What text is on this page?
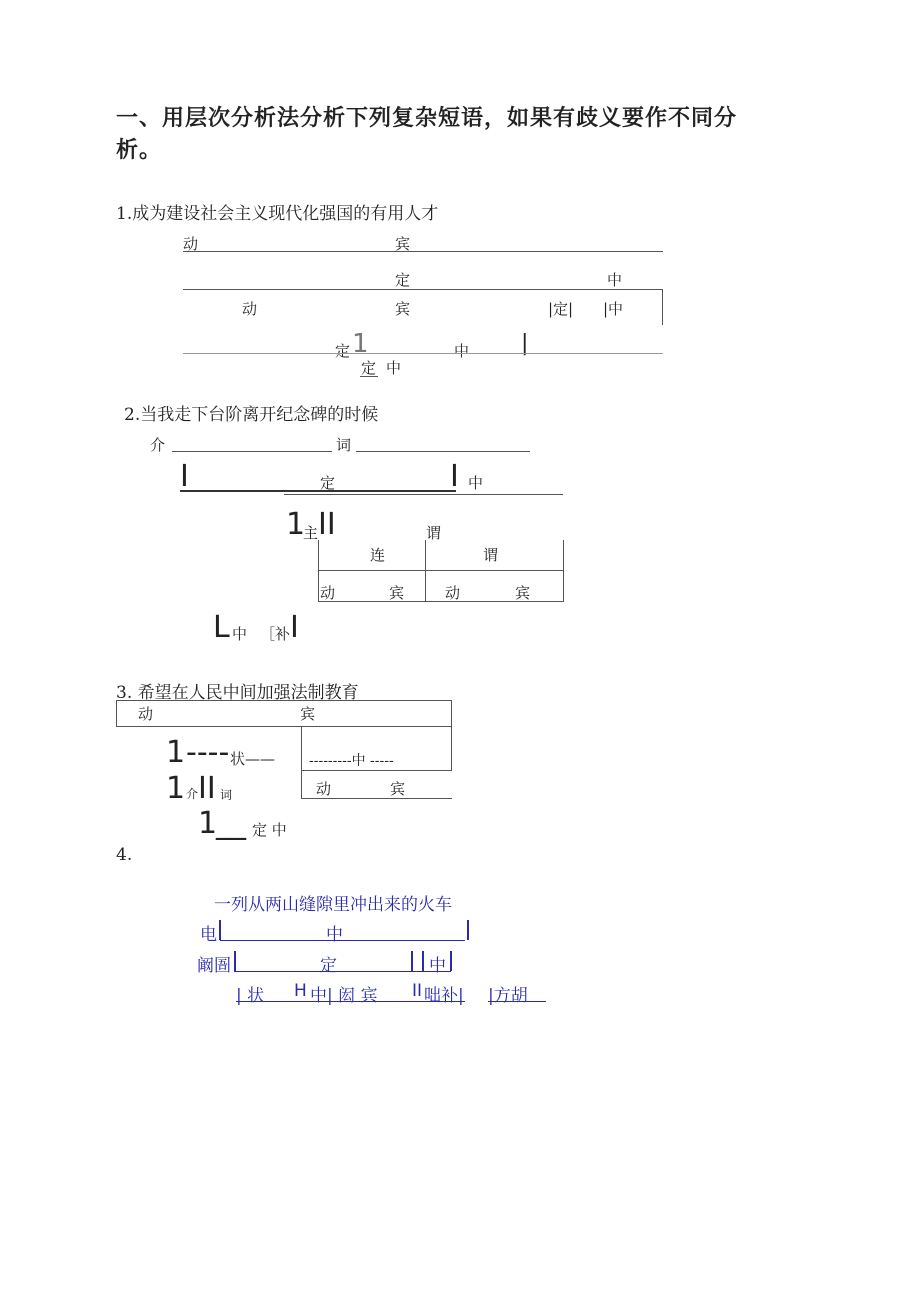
一、用层次分析法分析下列复杂短语，如果有歧义要作不同分
析。
1.成为建设社会主义现代化强国的有用人才
动	宾
定	中
动	宾	|定| |中
定 1	中 |
定 中
2.当我走下台阶离开纪念碑的时候
介	词
I	定	I 中
1
主 II	谓
连	谓
动	宾	动	宾
L 中 ［补 I
3. 希望在人民中间加强法制教育
动	宾
1 ---- 状—— ---------中 -----
1 介 II 词	动	宾
1
__ 定 中
4.
一列从两山缝隙里冲出来的火车
电	中
阚圄	定	中
| 状 H 中| 闳 宾 II 咄补| |方胡
